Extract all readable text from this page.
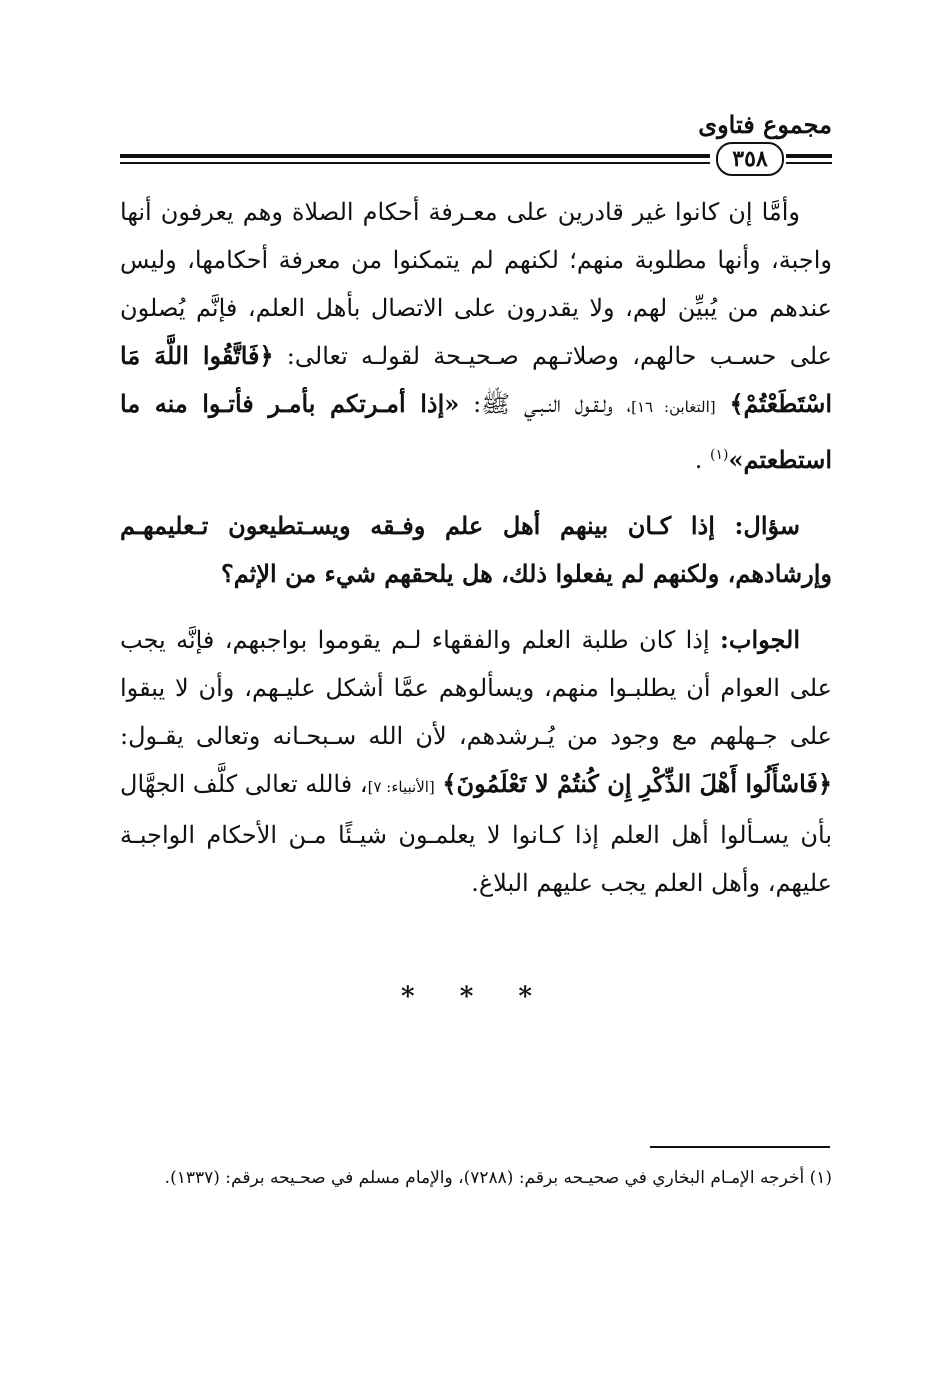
مجموع فتاوى
٣٥٨

وأمَّا إن كانوا غير قادرين على معـرفة أحكام الصلاة وهم يعرفون أنها واجبة، وأنها مطلوبة منهم؛ لكنهم لم يتمكنوا من معرفة أحكامها، وليس عندهم من يُبيِّن لهم، ولا يقدرون على الاتصال بأهل العلم، فإنَّم يُصلون على حسـب حالهم، وصلاتـهم صـحيـحة لقولـه تعالى: ﴿فَاتَّقُوا اللَّهَ مَا اسْتَطَعْتُمْ﴾ [التغابن: ١٦]، ولـقـول النـبـي ﷺ: «إذا أمـرتكم بأمـر فأتـوا منه ما استطعتم»$^{(١)}$ .

سؤال: إذا كـان بينهم أهل علم وفـقه ويسـتطيعون تـعليمهـم وإرشادهم، ولكنهم لم يفعلوا ذلك، هل يلحقهم شيء من الإثم؟

الجواب: إذا كان طلبة العلم والفقهاء لـم يقوموا بواجبهم، فإنَّه يجب على العوام أن يطلبـوا منهم، ويسألوهم عمَّا أشكل عليـهم، وأن لا يبقوا على جـهلهم مع وجود من يُـرشدهم، لأن الله سـبحـانه وتعالى يقـول: ﴿فَاسْأَلُوا أَهْلَ الذِّكْرِ إِن كُنتُمْ لا تَعْلَمُونَ﴾ [الأنبياء: ٧]، فالله تعالى كلَّف الجهَّال بأن يسـألوا أهل العلم إذا كـانوا لا يعلمـون شيـئًا مـن الأحكام الواجبـة عليهم، وأهل العلم يجب عليهم البلاغ.

* * *
(١) أخرجه الإمـام البخاري في صحيـحه برقم: (٧٢٨٨)، والإمام مسلم في صحـيحه برقم: (١٣٣٧).
